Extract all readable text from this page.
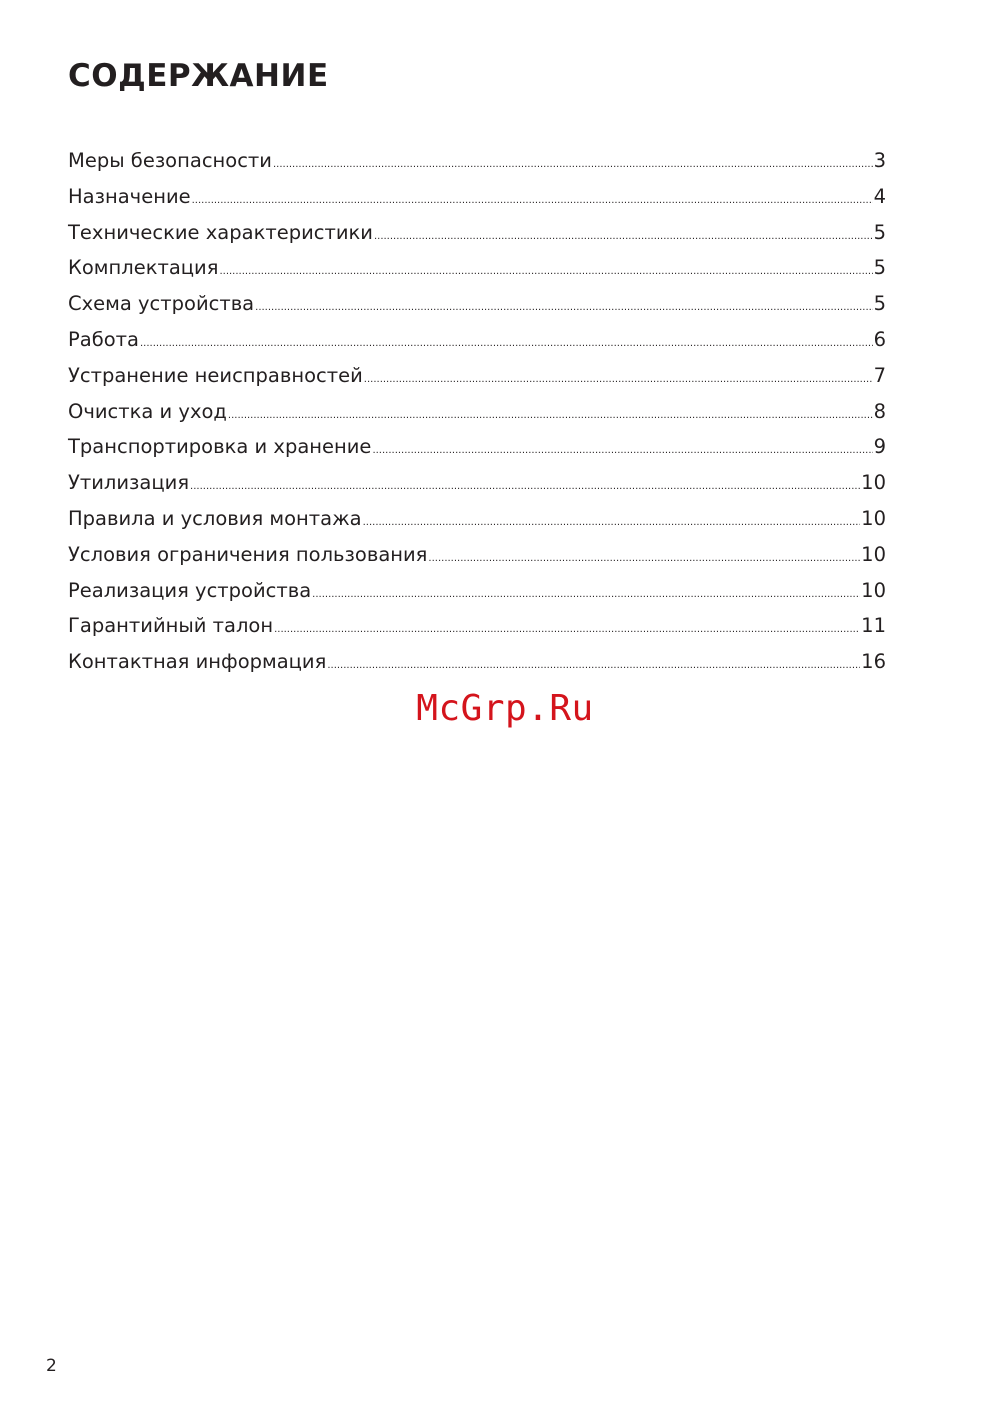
СОДЕРЖАНИЕ
Меры безопасности .....	3
Назначение .....	4
Технические характеристики .....	5
Комплектация .....	5
Схема устройства .....	5
Работа .....	6
Устранение неисправностей .....	7
Очистка и уход .....	8
Транспортировка и хранение .....	9
Утилизация .....	10
Правила и условия монтажа .....	10
Условия ограничения пользования .....	10
Реализация устройства .....	10
Гарантийный талон .....	11
Контактная информация .....	16
McGrp.Ru
2
